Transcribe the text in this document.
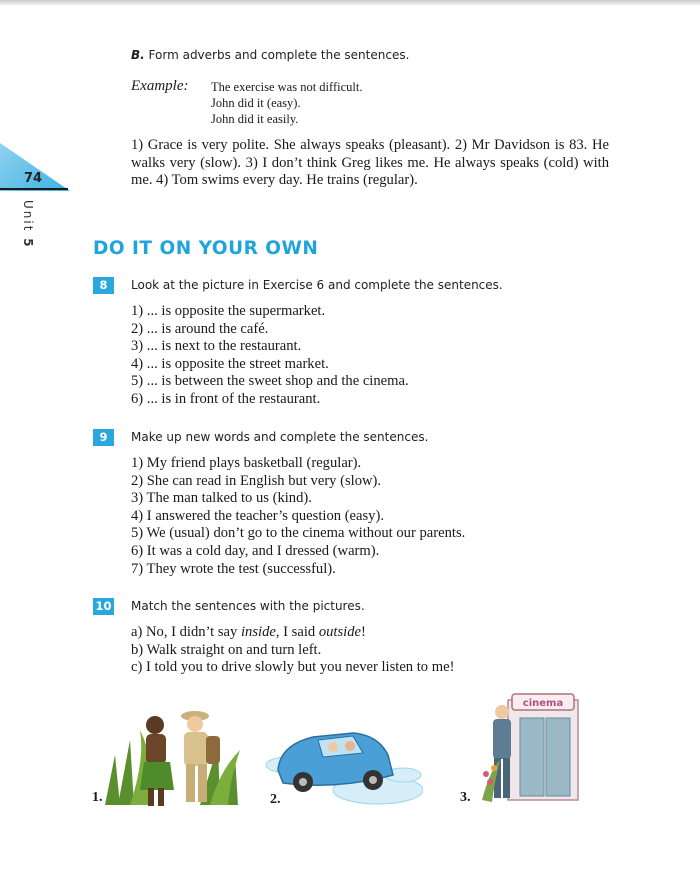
74
Unit 5
B. Form adverbs and complete the sentences.
Example: The exercise was not difficult.
John did it (easy).
John did it easily.
1) Grace is very polite. She always speaks (pleasant). 2) Mr Davidson is 83. He walks very (slow). 3) I don’t think Greg likes me. He always speaks (cold) with me. 4) Tom swims every day. He trains (regular).
DO IT ON YOUR OWN
8	Look at the picture in Exercise 6 and complete the sentences.
1) ... is opposite the supermarket.
2) ... is around the café.
3) ... is next to the restaurant.
4) ... is opposite the street market.
5) ... is between the sweet shop and the cinema.
6) ... is in front of the restaurant.
9	Make up new words and complete the sentences.
1) My friend plays basketball (regular).
2) She can read in English but very (slow).
3) The man talked to us (kind).
4) I answered the teacher’s question (easy).
5) We (usual) don’t go to the cinema without our parents.
6) It was a cold day, and I dressed (warm).
7) They wrote the test (successful).
10 Match the sentences with the pictures.
a) No, I didn’t say inside, I said outside!
b) Walk straight on and turn left.
c) I told you to drive slowly but you never listen to me!
1.	2.
cinema
3.
